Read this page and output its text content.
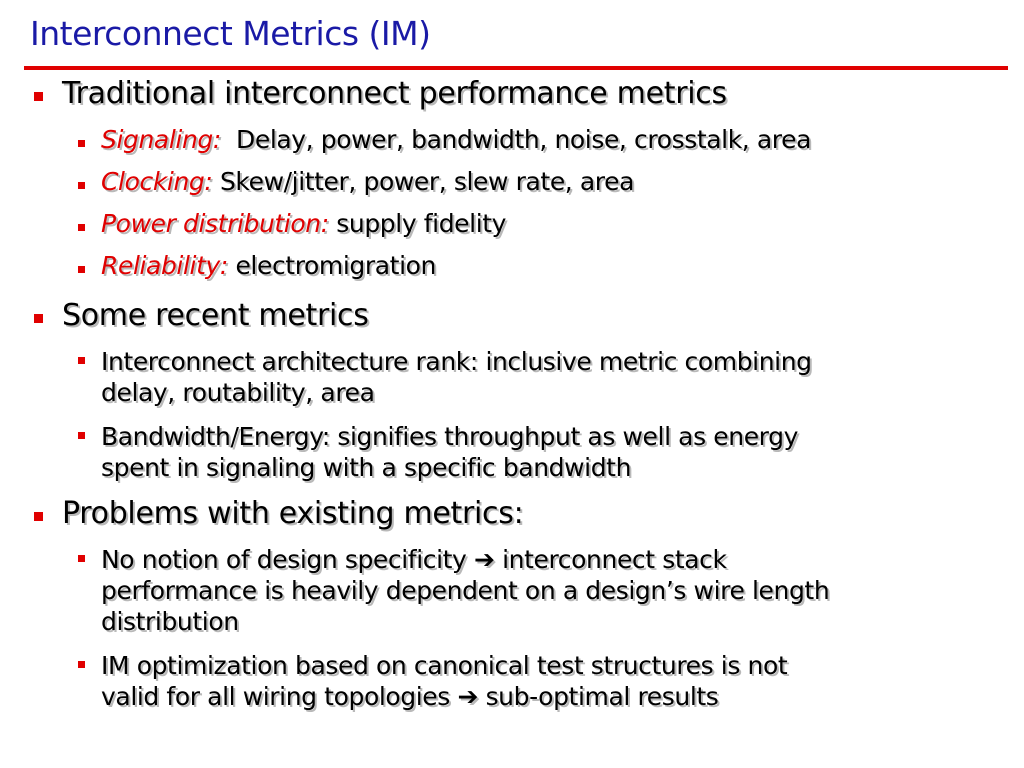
Interconnect Metrics (IM)
Traditional interconnect performance metrics
Signaling: Delay, power, bandwidth, noise, crosstalk, area
Clocking: Skew/jitter, power, slew rate, area
Power distribution: supply fidelity
Reliability: electromigration
Some recent metrics
Interconnect architecture rank: inclusive metric combining
delay, routability, area
Bandwidth/Energy: signifies throughput as well as energy
spent in signaling with a specific bandwidth
Problems with existing metrics:
No notion of design specificity ➔ interconnect stack
performance is heavily dependent on a design’s wire length
distribution
IM optimization based on canonical test structures is not
valid for all wiring topologies ➔ sub-optimal results
